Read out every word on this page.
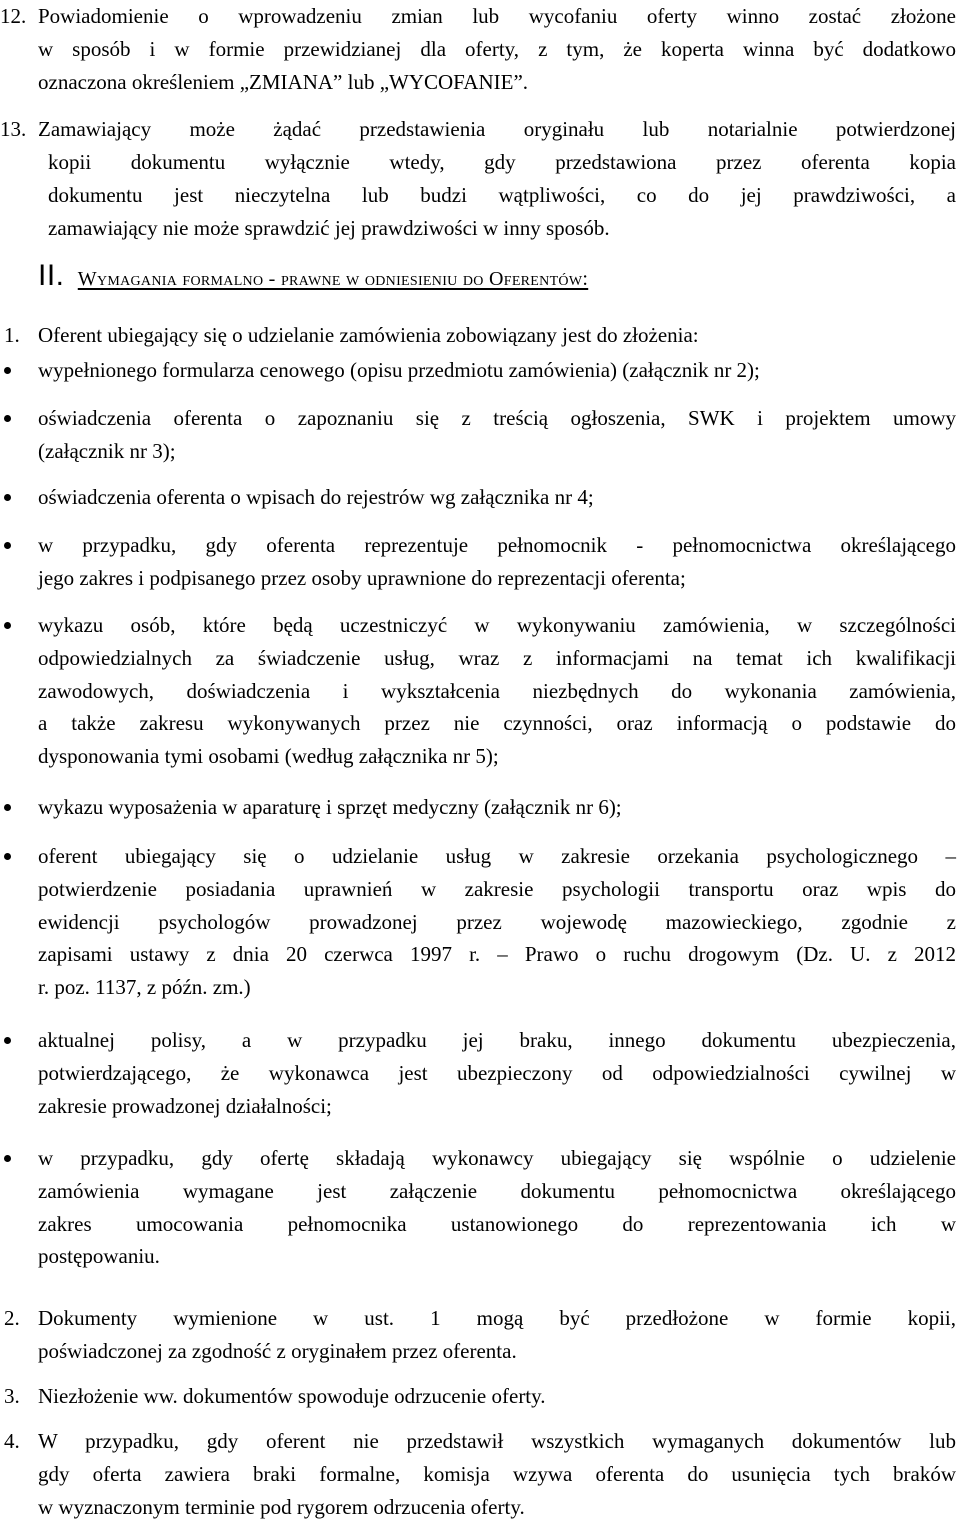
12. Powiadomienie o wprowadzeniu zmian lub wycofaniu oferty winno zostać złożone
w sposób i w formie przewidzianej dla oferty, z tym, że koperta winna być dodatkowo
oznaczona określeniem „ZMIANA” lub „WYCOFANIE”.
13. Zamawiający może żądać przedstawienia oryginału lub notarialnie potwierdzonej
kopii dokumentu wyłącznie wtedy, gdy przedstawiona przez oferenta kopia
dokumentu jest nieczytelna lub budzi wątpliwości, co do jej prawdziwości, a
zamawiający nie może sprawdzić jej prawdziwości w inny sposób.
II. Wymagania formalno - prawne w odniesieniu do Oferentów:
1. Oferent ubiegający się o udzielanie zamówienia zobowiązany jest do złożenia:
wypełnionego formularza cenowego (opisu przedmiotu zamówienia) (załącznik nr 2);
oświadczenia oferenta o zapoznaniu się z treścią ogłoszenia, SWK i projektem umowy
(załącznik nr 3);
oświadczenia oferenta o wpisach do rejestrów wg załącznika nr 4;
w przypadku, gdy oferenta reprezentuje pełnomocnik - pełnomocnictwa określającego
jego zakres i podpisanego przez osoby uprawnione do reprezentacji oferenta;
wykazu osób, które będą uczestniczyć w wykonywaniu zamówienia, w szczególności
odpowiedzialnych za świadczenie usług, wraz z informacjami na temat ich kwalifikacji
zawodowych, doświadczenia i wykształcenia niezbędnych do wykonania zamówienia,
a także zakresu wykonywanych przez nie czynności, oraz informacją o podstawie do
dysponowania tymi osobami (według załącznika nr 5);
wykazu wyposażenia w aparaturę i sprzęt medyczny (załącznik nr 6);
oferent ubiegający się o udzielanie usług w zakresie orzekania psychologicznego –
potwierdzenie posiadania uprawnień w zakresie psychologii transportu oraz wpis do
ewidencji psychologów prowadzonej przez wojewodę mazowieckiego, zgodnie z
zapisami ustawy z dnia 20 czerwca 1997 r. – Prawo o ruchu drogowym (Dz. U. z 2012
r. poz. 1137, z późn. zm.)
aktualnej polisy, a w przypadku jej braku, innego dokumentu ubezpieczenia,
potwierdzającego, że wykonawca jest ubezpieczony od odpowiedzialności cywilnej w
zakresie prowadzonej działalności;
w przypadku, gdy ofertę składają wykonawcy ubiegający się wspólnie o udzielenie
zamówienia wymagane jest załączenie dokumentu pełnomocnictwa określającego
zakres umocowania pełnomocnika ustanowionego do reprezentowania ich w
postępowaniu.
2. Dokumenty wymienione w ust. 1 mogą być przedłożone w formie kopii,
poświadczonej za zgodność z oryginałem przez oferenta.
3. Niezłożenie ww. dokumentów spowoduje odrzucenie oferty.
4. W przypadku, gdy oferent nie przedstawił wszystkich wymaganych dokumentów lub
gdy oferta zawiera braki formalne, komisja wzywa oferenta do usunięcia tych braków
w wyznaczonym terminie pod rygorem odrzucenia oferty.
